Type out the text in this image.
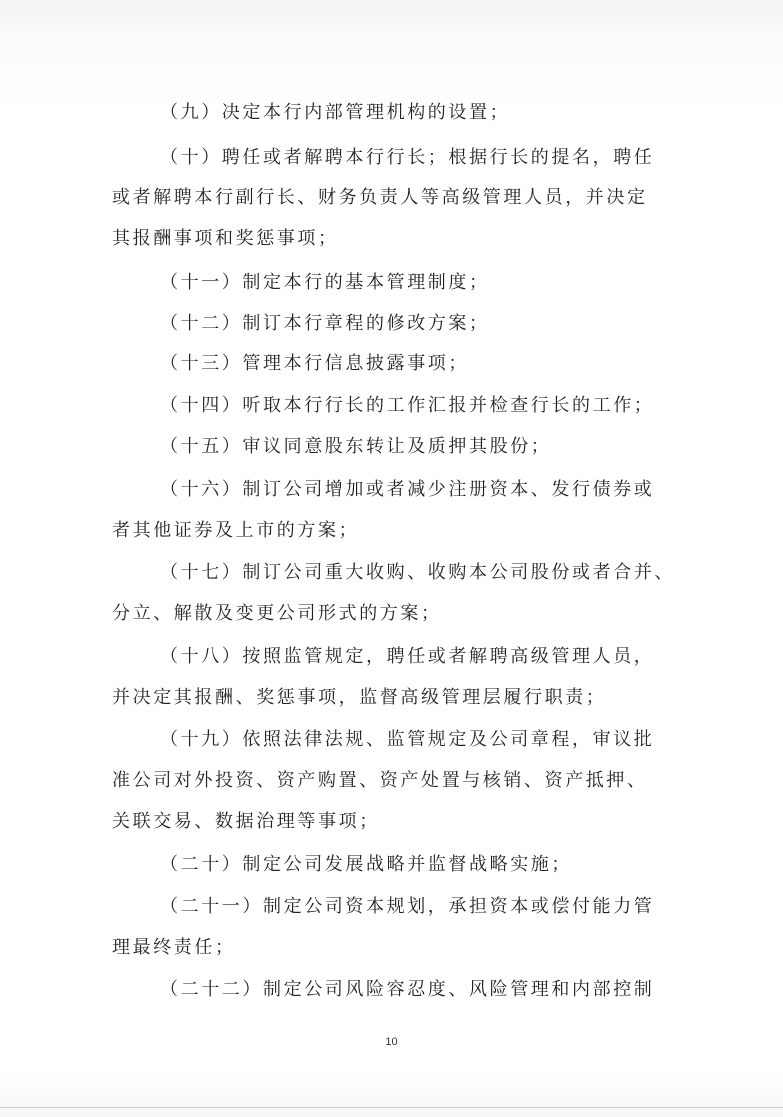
（九）决定本行内部管理机构的设置；
（十）聘任或者解聘本行行长；根据行长的提名，聘任
或者解聘本行副行长、财务负责人等高级管理人员，并决定
其报酬事项和奖惩事项；
（十一）制定本行的基本管理制度；
（十二）制订本行章程的修改方案；
（十三）管理本行信息披露事项；
（十四）听取本行行长的工作汇报并检查行长的工作；
（十五）审议同意股东转让及质押其股份；
（十六）制订公司增加或者减少注册资本、发行债券或
者其他证券及上市的方案；
（十七）制订公司重大收购、收购本公司股份或者合并、
分立、解散及变更公司形式的方案；
（十八）按照监管规定，聘任或者解聘高级管理人员，
并决定其报酬、奖惩事项，监督高级管理层履行职责；
（十九）依照法律法规、监管规定及公司章程，审议批
准公司对外投资、资产购置、资产处置与核销、资产抵押、
关联交易、数据治理等事项；
（二十）制定公司发展战略并监督战略实施；
（二十一）制定公司资本规划，承担资本或偿付能力管
理最终责任；
（二十二）制定公司风险容忍度、风险管理和内部控制
10
